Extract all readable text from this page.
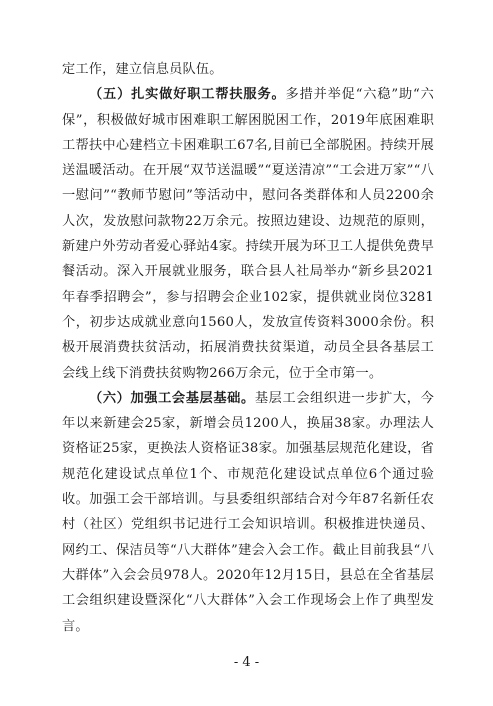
定工作，建立信息员队伍。

（五）扎实做好职工帮扶服务。多措并举促“六稳”助“六保”，积极做好城市困难职工解困脱困工作，2019年底困难职工帮扶中心建档立卡困难职工67名,目前已全部脱困。持续开展送温暖活动。在开展“双节送温暖”“夏送清凉”“工会进万家”“八一慰问”“教师节慰问”等活动中，慰问各类群体和人员2200余人次，发放慰问款物22万余元。按照边建设、边规范的原则，新建户外劳动者爱心驿站4家。持续开展为环卫工人提供免费早餐活动。深入开展就业服务，联合县人社局举办“新乡县2021年春季招聘会”，参与招聘会企业102家，提供就业岗位3281个，初步达成就业意向1560人，发放宣传资料3000余份。积极开展消费扶贫活动，拓展消费扶贫渠道，动员全县各基层工会线上线下消费扶贫购物266万余元，位于全市第一。

（六）加强工会基层基础。基层工会组织进一步扩大，今年以来新建会25家，新增会员1200人，换届38家。办理法人资格证25家，更换法人资格证38家。加强基层规范化建设，省规范化建设试点单位1个、市规范化建设试点单位6个通过验收。加强工会干部培训。与县委组织部结合对今年87名新任农村（社区）党组织书记进行工会知识培训。积极推进快递员、网约工、保洁员等“八大群体”建会入会工作。截止目前我县“八大群体”入会会员978人。2020年12月15日，县总在全省基层工会组织建设暨深化“八大群体”入会工作现场会上作了典型发言。

- 4 -
